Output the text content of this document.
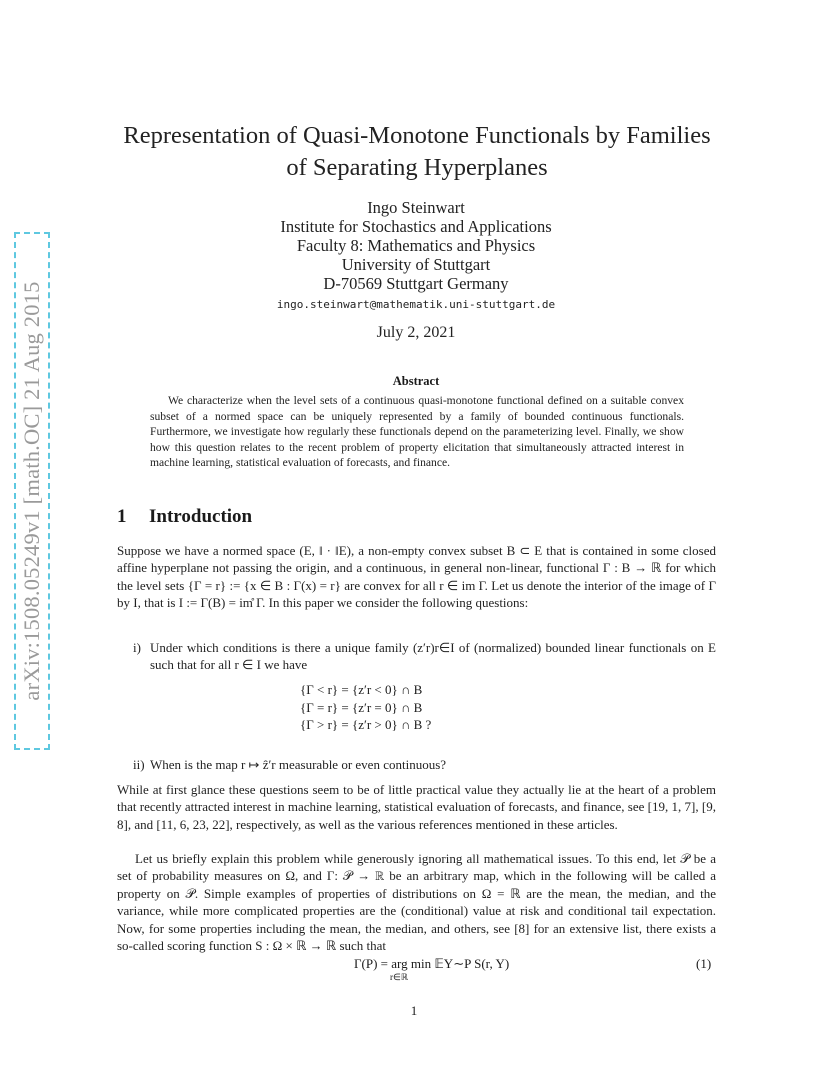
arXiv:1508.05249v1 [math.OC] 21 Aug 2015
Representation of Quasi-Monotone Functionals by Families of Separating Hyperplanes
Ingo Steinwart
Institute for Stochastics and Applications
Faculty 8: Mathematics and Physics
University of Stuttgart
D-70569 Stuttgart Germany
ingo.steinwart@mathematik.uni-stuttgart.de
July 2, 2021
Abstract
We characterize when the level sets of a continuous quasi-monotone functional defined on a suitable convex subset of a normed space can be uniquely represented by a family of bounded continuous functionals. Furthermore, we investigate how regularly these functionals depend on the parameterizing level. Finally, we show how this question relates to the recent problem of property elicitation that simultaneously attracted interest in machine learning, statistical evaluation of forecasts, and finance.
1 Introduction
Suppose we have a normed space (E, ‖ · ‖E), a non-empty convex subset B ⊂ E that is contained in some closed affine hyperplane not passing the origin, and a continuous, in general non-linear, functional Γ : B → ℝ for which the level sets {Γ = r} := {x ∈ B : Γ(x) = r} are convex for all r ∈ im Γ. Let us denote the interior of the image of Γ by I, that is I := Γ(B) = im̊ Γ. In this paper we consider the following questions:
i) Under which conditions is there a unique family (z′r)r∈I of (normalized) bounded linear functionals on E such that for all r ∈ I we have
{Γ < r} = {z′r < 0} ∩ B
{Γ = r} = {z′r = 0} ∩ B
{Γ > r} = {z′r > 0} ∩ B ?
ii) When is the map r ↦ ẑ′r measurable or even continuous?
While at first glance these questions seem to be of little practical value they actually lie at the heart of a problem that recently attracted interest in machine learning, statistical evaluation of forecasts, and finance, see [19, 1, 7], [9, 8], and [11, 6, 23, 22], respectively, as well as the various references mentioned in these articles.
Let us briefly explain this problem while generously ignoring all mathematical issues. To this end, let 𝒫 be a set of probability measures on Ω, and Γ: 𝒫 → ℝ be an arbitrary map, which in the following will be called a property on 𝒫. Simple examples of properties of distributions on Ω = ℝ are the mean, the median, and the variance, while more complicated properties are the (conditional) value at risk and conditional tail expectation. Now, for some properties including the mean, the median, and others, see [8] for an extensive list, there exists a so-called scoring function S : Ω × ℝ → ℝ such that
Γ(P) = arg min 𝔼Y∼P S(r, Y)
r∈ℝ
(1)
1
